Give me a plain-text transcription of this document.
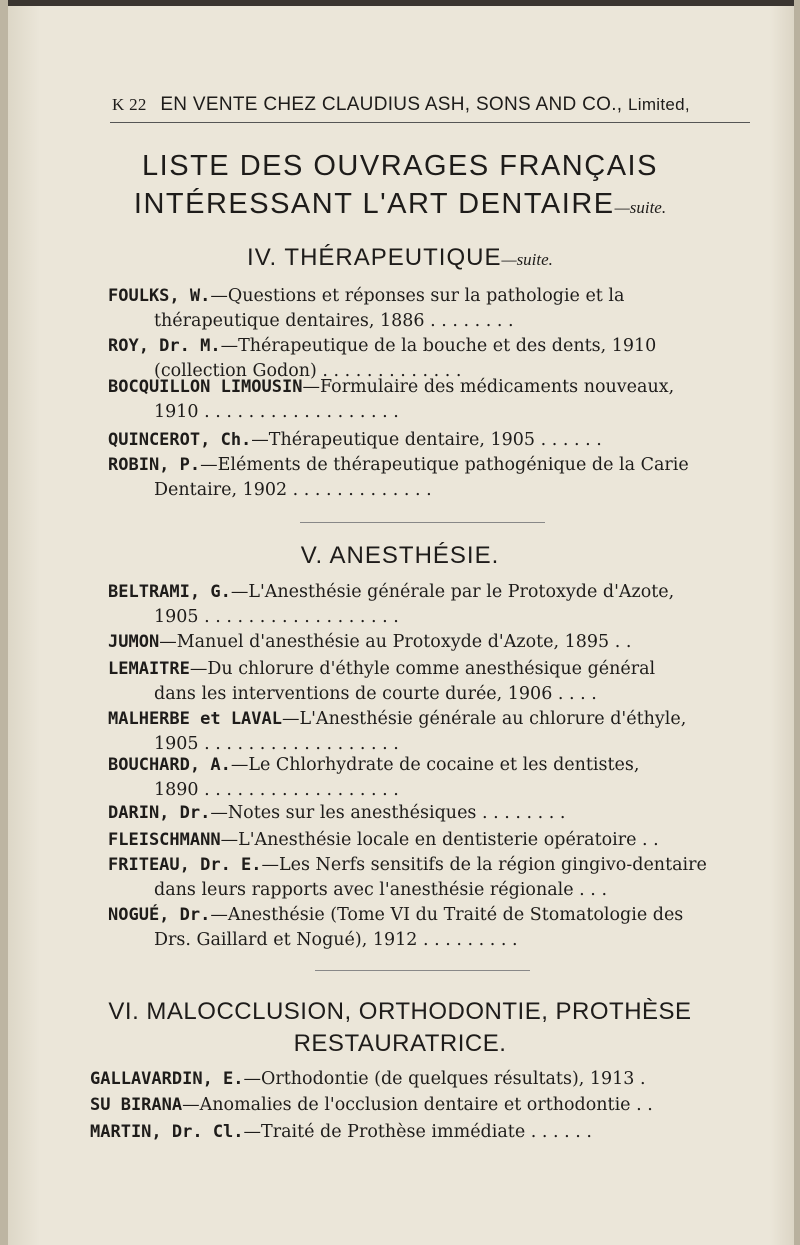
K 22 EN VENTE CHEZ CLAUDIUS ASH, SONS AND CO., Limited,
LISTE DES OUVRAGES FRANÇAIS
INTÉRESSANT L'ART DENTAIRE—suite.
IV. THÉRAPEUTIQUE—suite.
FOULKS, W.—Questions et réponses sur la pathologie et la
thérapeutique dentaires, 1886 . . . . . . . .
ROY, Dr. M.—Thérapeutique de la bouche et des dents, 1910
(collection Godon) . . . . . . . . . . . . .
BOCQUILLON LIMOUSIN—Formulaire des médicaments nouveaux,
1910 . . . . . . . . . . . . . . . . . .
QUINCEROT, Ch.—Thérapeutique dentaire, 1905 . . . . . .
ROBIN, P.—Eléments de thérapeutique pathogénique de la Carie
Dentaire, 1902 . . . . . . . . . . . . .
V. ANESTHÉSIE.
BELTRAMI, G.—L'Anesthésie générale par le Protoxyde d'Azote,
1905 . . . . . . . . . . . . . . . . . .
JUMON—Manuel d'anesthésie au Protoxyde d'Azote, 1895 . .
LEMAITRE—Du chlorure d'éthyle comme anesthésique général
dans les interventions de courte durée, 1906 . . . .
MALHERBE et LAVAL—L'Anesthésie générale au chlorure d'éthyle,
1905 . . . . . . . . . . . . . . . . . .
BOUCHARD, A.—Le Chlorhydrate de cocaine et les dentistes,
1890 . . . . . . . . . . . . . . . . . .
DARIN, Dr.—Notes sur les anesthésiques . . . . . . . .
FLEISCHMANN—L'Anesthésie locale en dentisterie opératoire . .
FRITEAU, Dr. E.—Les Nerfs sensitifs de la région gingivo-dentaire
dans leurs rapports avec l'anesthésie régionale . . .
NOGUÉ, Dr.—Anesthésie (Tome VI du Traité de Stomatologie des
Drs. Gaillard et Nogué), 1912 . . . . . . . . .
VI. MALOCCLUSION, ORTHODONTIE, PROTHÈSE
RESTAURATRICE.
GALLAVARDIN, E.—Orthodontie (de quelques résultats), 1913 .
SU BIRANA—Anomalies de l'occlusion dentaire et orthodontie . .
MARTIN, Dr. Cl.—Traité de Prothèse immédiate . . . . . .
